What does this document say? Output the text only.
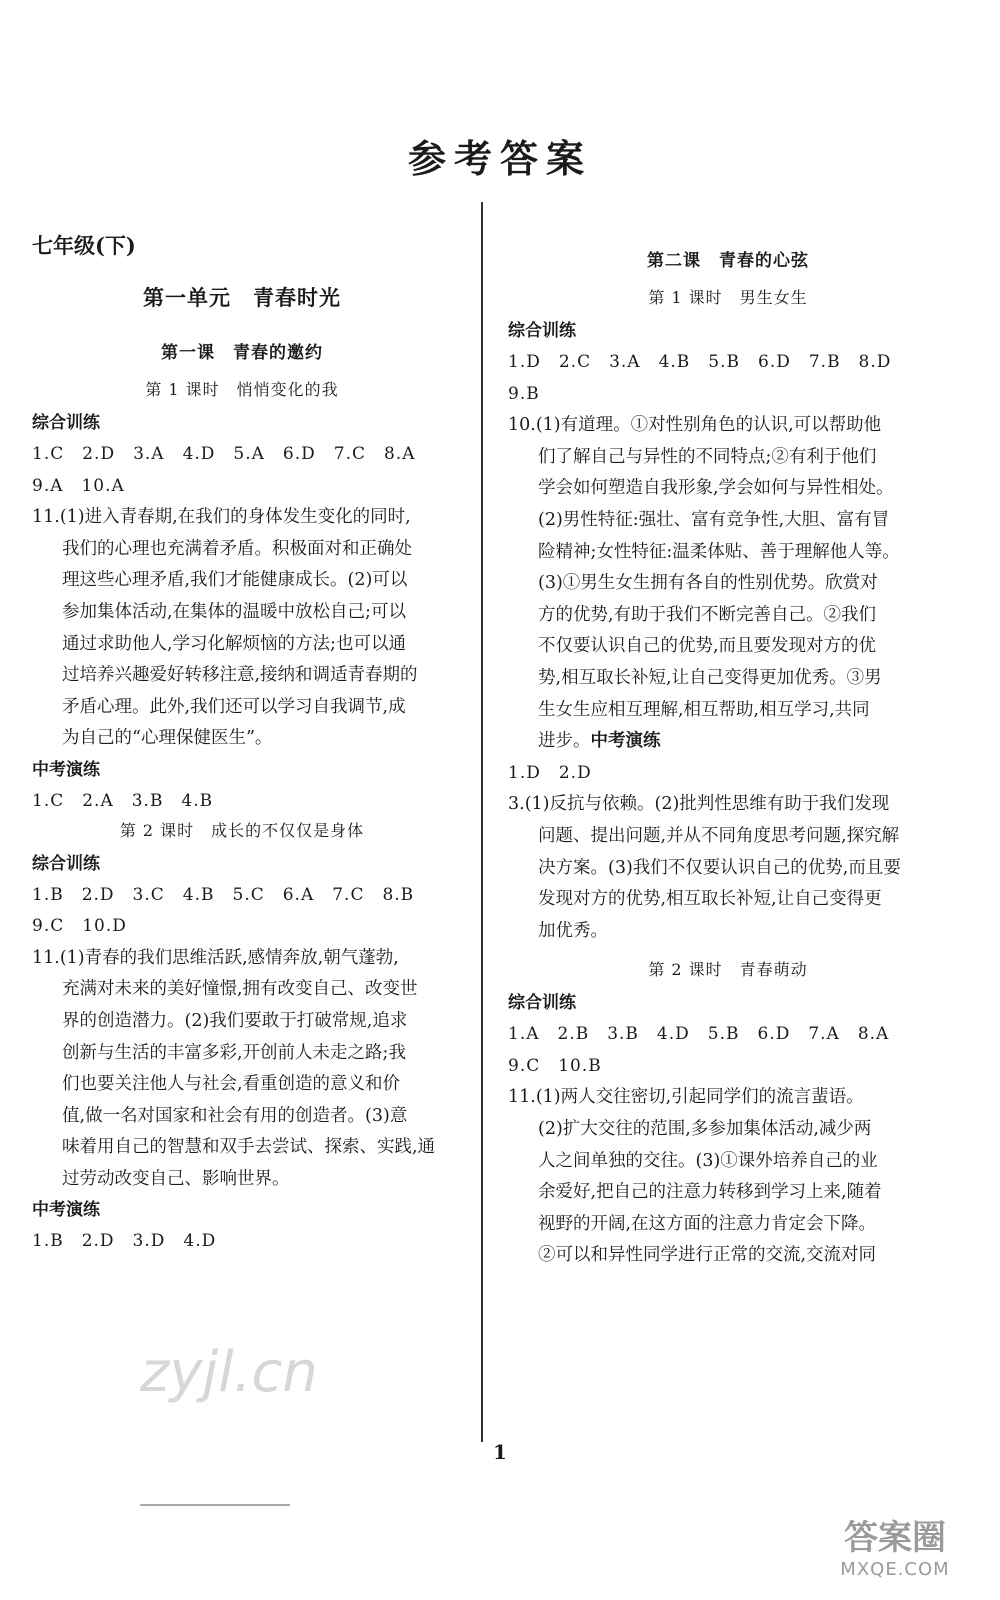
参考答案
七年级(下)
第一单元　青春时光
第一课　青春的邀约
第 1 课时　悄悄变化的我
综合训练
1.C　2.D　3.A　4.D　5.A　6.D　7.C　8.A
9.A　10.A
11.(1)进入青春期,在我们的身体发生变化的同时,
我们的心理也充满着矛盾。积极面对和正确处
理这些心理矛盾,我们才能健康成长。(2)可以
参加集体活动,在集体的温暖中放松自己;可以
通过求助他人,学习化解烦恼的方法;也可以通
过培养兴趣爱好转移注意,接纳和调适青春期的
矛盾心理。此外,我们还可以学习自我调节,成
为自己的“心理保健医生”。
中考演练
1.C　2.A　3.B　4.B
第 2 课时　成长的不仅仅是身体
综合训练
1.B　2.D　3.C　4.B　5.C　6.A　7.C　8.B
9.C　10.D
11.(1)青春的我们思维活跃,感情奔放,朝气蓬勃,
充满对未来的美好憧憬,拥有改变自己、改变世
界的创造潜力。(2)我们要敢于打破常规,追求
创新与生活的丰富多彩,开创前人未走之路;我
们也要关注他人与社会,看重创造的意义和价
值,做一名对国家和社会有用的创造者。(3)意
味着用自己的智慧和双手去尝试、探索、实践,通
过劳动改变自己、影响世界。
中考演练
1.B　2.D　3.D　4.D
第二课　青春的心弦
第 1 课时　男生女生
综合训练
1.D　2.C　3.A　4.B　5.B　6.D　7.B　8.D
9.B
10.(1)有道理。①对性别角色的认识,可以帮助他
们了解自己与异性的不同特点;②有利于他们
学会如何塑造自我形象,学会如何与异性相处。
(2)男性特征:强壮、富有竞争性,大胆、富有冒
险精神;女性特征:温柔体贴、善于理解他人等。
(3)①男生女生拥有各自的性别优势。欣赏对
方的优势,有助于我们不断完善自己。②我们
不仅要认识自己的优势,而且要发现对方的优
势,相互取长补短,让自己变得更加优秀。③男
生女生应相互理解,相互帮助,相互学习,共同
进步。中考演练
1.D　2.D
3.(1)反抗与依赖。(2)批判性思维有助于我们发现
问题、提出问题,并从不同角度思考问题,探究解
决方案。(3)我们不仅要认识自己的优势,而且要
发现对方的优势,相互取长补短,让自己变得更
加优秀。
第 2 课时　青春萌动
综合训练
1.A　2.B　3.B　4.D　5.B　6.D　7.A　8.A
9.C　10.B
11.(1)两人交往密切,引起同学们的流言蜚语。
(2)扩大交往的范围,多参加集体活动,减少两
人之间单独的交往。(3)①课外培养自己的业
余爱好,把自己的注意力转移到学习上来,随着
视野的开阔,在这方面的注意力肯定会下降。
②可以和异性同学进行正常的交流,交流对同
1
zyjl.cn
答案圈
MXQE.COM
